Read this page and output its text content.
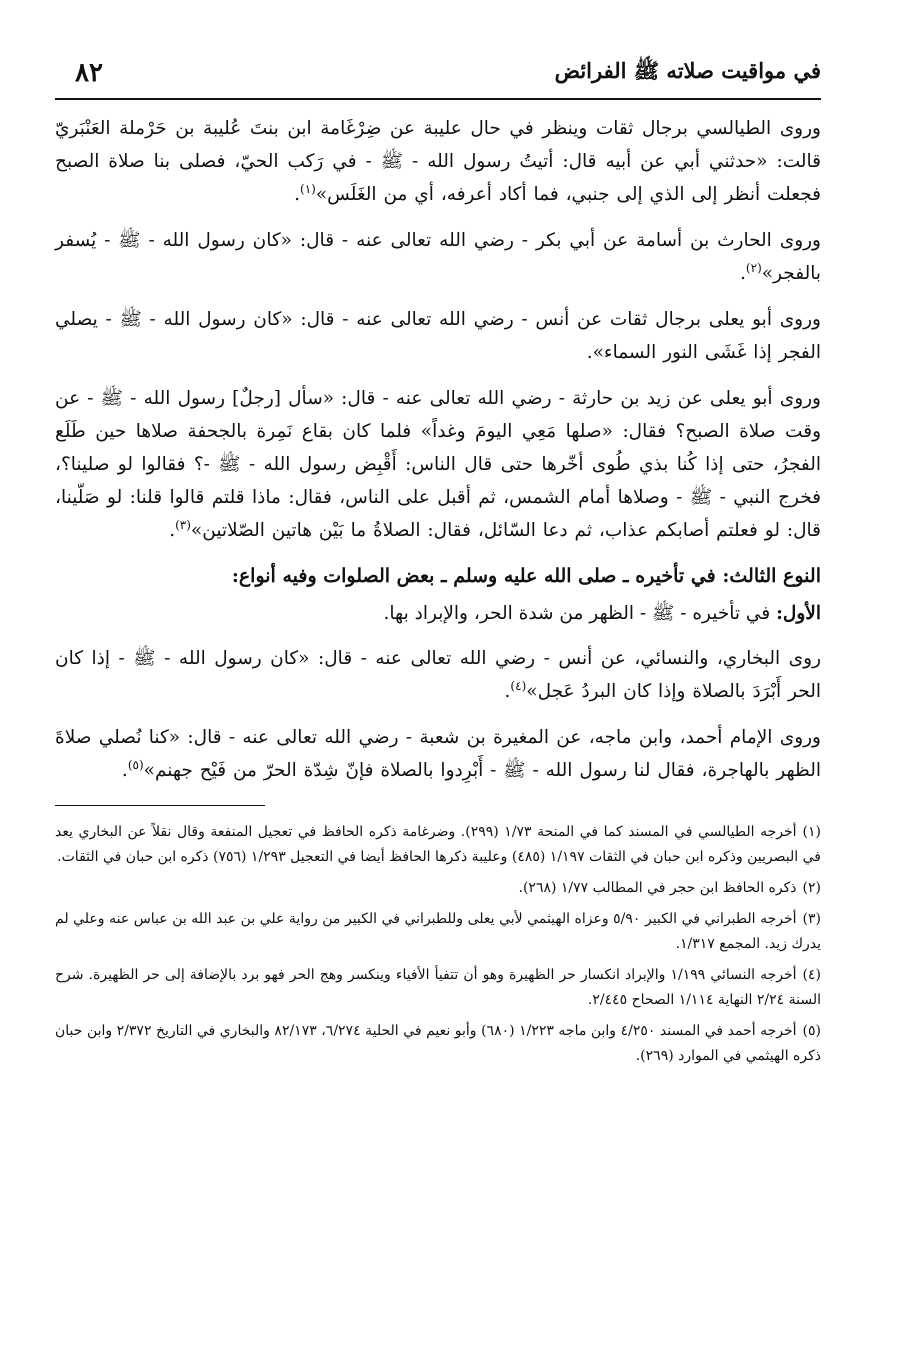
في مواقيت صلاته ﷺ الفرائض
٨٢

وروى الطيالسي برجال ثقات وينظر في حال عليبة عن ضِرْغَامة ابن بنتَ عُليبة بن حَرْملة العَنْبَريّ قالت: «حدثني أبي عن أبيه قال: أتيتُ رسول الله - ﷺ - في رَكب الحيّ، فصلى بنا صلاة الصبح فجعلت أنظر إلى الذي إلى جنبي، فما أكاد أعرفه، أي من الغَلَس»$^{(١)}$.

وروى الحارث بن أسامة عن أبي بكر - رضي الله تعالى عنه - قال: «كان رسول الله - ﷺ - يُسفر بالفجر»$^{(٢)}$.

وروى أبو يعلى برجال ثقات عن أنس - رضي الله تعالى عنه - قال: «كان رسول الله - ﷺ - يصلي الفجر إذا غَشَى النور السماء».

وروى أبو يعلى عن زيد بن حارثة - رضي الله تعالى عنه - قال: «سأل [رجلٌ] رسول الله - ﷺ - عن وقت صلاة الصبح؟ فقال: «صلها مَعِي اليومَ وغداً» فلما كان بقاع نَمِرة بالجحفة صلاها حين طَلَع الفجرُ، حتى إذا كُنا بذي طُوى أخّرها حتى قال الناس: أَقْبِض رسول الله - ﷺ -؟ فقالوا لو صلينا؟، فخرج النبي - ﷺ - وصلاها أمام الشمس، ثم أقبل على الناس، فقال: ماذا قلتم قالوا قلنا: لو صَلّينا، قال: لو فعلتم أصابكم عذاب، ثم دعا السّائل، فقال: الصلاةُ ما بَيْن هاتين الصّلاتين»$^{(٣)}$.

النوع الثالث: في تأخيره ـ صلى الله عليه وسلم ـ بعض الصلوات وفيه أنواع:
الأول: في تأخيره - ﷺ - الظهر من شدة الحر، والإبراد بها.

روى البخاري، والنسائي، عن أنس - رضي الله تعالى عنه - قال: «كان رسول الله - ﷺ - إذا كان الحر أَبْرَدَ بالصلاة وإذا كان البردُ عَجل»$^{(٤)}$.

وروى الإمام أحمد، وابن ماجه، عن المغيرة بن شعبة - رضي الله تعالى عنه - قال: «كنا نُصلي صلاةَ الظهر بالهاجرة، فقال لنا رسول الله - ﷺ - أَبْرِدوا بالصلاة فإنّ شِدّة الحرّ من فَيْح جهنم»$^{(٥)}$.

(١)أخرجه الطيالسي في المسند كما في المنحة ١/٧٣ (٢٩٩). وضرغامة ذكره الحافظ في تعجيل المنفعة وقال نقلاً عن البخاري يعد في البصريين وذكره ابن حبان في الثقات ١/١٩٧ (٤٨٥) وعليبة ذكرها الحافظ أيضا في التعجيل ١/٢٩٣ (٧٥٦) ذكره ابن حبان في الثقات.

(٢)ذكره الحافظ ابن حجر في المطالب ١/٧٧ (٢٦٨).

(٣)أخرجه الطبراني في الكبير ٥/٩٠ وعزاه الهيثمي لأبي يعلى وللطبراني في الكبير من رواية علي بن عبد الله بن عباس عنه وعلي لم يدرك زيد. المجمع ١/٣١٧.

(٤)أخرجه النسائي ١/١٩٩ والإبراد انكسار حر الظهيرة وهو أن تتفيأ الأفياء وينكسر وهج الحر فهو برد بالإضافة إلى حر الظهيرة. شرح السنة ٢/٢٤ النهاية ١/١١٤ الصحاح ٢/٤٤٥.

(٥)أخرجه أحمد في المسند ٤/٢٥٠ وابن ماجه ١/٢٢٣ (٦٨٠) وأبو نعيم في الحلية ٦/٢٧٤، ٨٢/١٧٣ والبخاري في التاريخ ٢/٣٧٢ وابن حبان ذكره الهيثمي في الموارد (٢٦٩).
